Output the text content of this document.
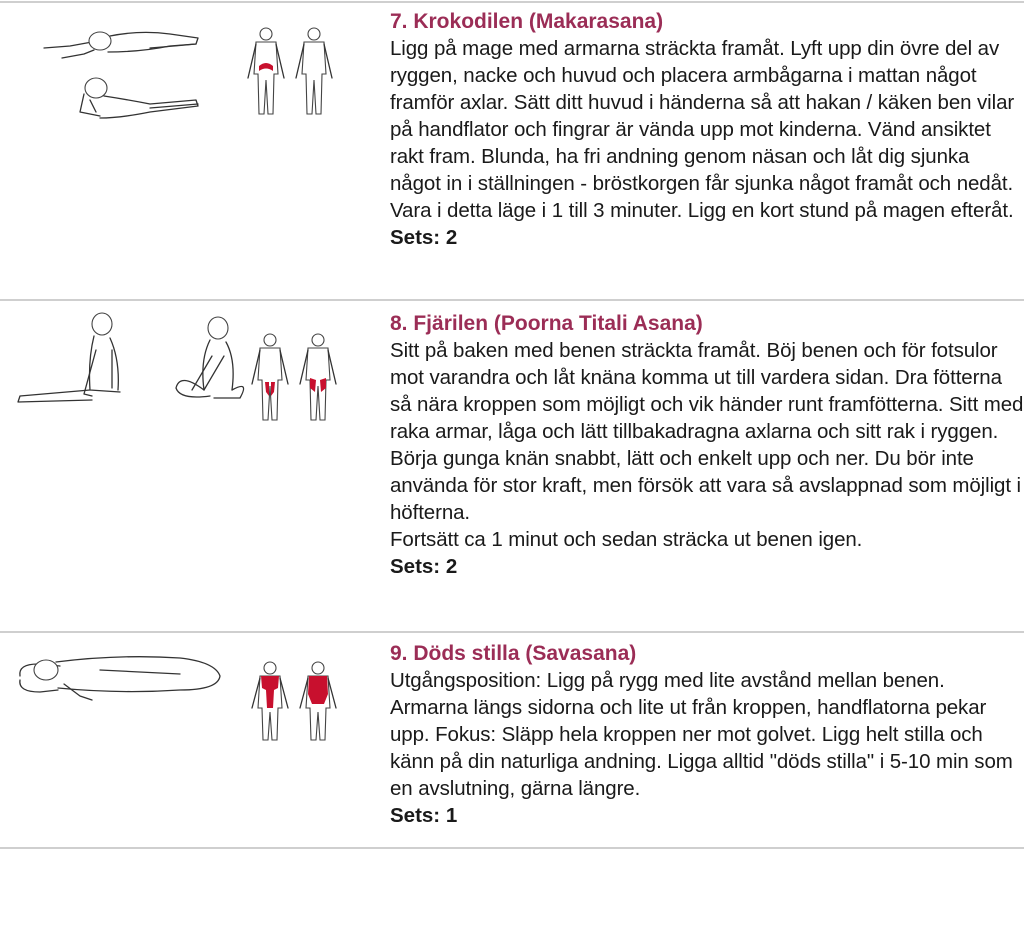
7. Krokodilen (Makarasana)

Ligg på mage med armarna sträckta framåt. Lyft upp din övre del av ryggen, nacke och huvud och placera armbågarna i mattan något framför axlar. Sätt ditt huvud i händerna så att hakan / käken ben vilar på handflator och fingrar är vända upp mot kinderna. Vänd ansiktet rakt fram. Blunda, ha fri andning genom näsan och låt dig sjunka något in i ställningen - bröstkorgen får sjunka något framåt och nedåt. Vara i detta läge i 1 till 3 minuter. Ligg en kort stund på magen efteråt.

Sets: 2

8. Fjärilen (Poorna Titali Asana)

Sitt på baken med benen sträckta framåt. Böj benen och för fotsulor mot varandra och låt knäna komma ut till vardera sidan. Dra fötterna så nära kroppen som möjligt och vik händer runt framfötterna. Sitt med raka armar, låga och lätt tillbakadragna axlarna och sitt rak i ryggen. Börja gunga knän snabbt, lätt och enkelt upp och ner. Du bör inte använda för stor kraft, men försök att vara så avslappnad som möjligt i höfterna.

Fortsätt ca 1 minut och sedan sträcka ut benen igen.

Sets: 2

9. Döds stilla (Savasana)

Utgångsposition: Ligg på rygg med lite avstånd mellan benen. Armarna längs sidorna och lite ut från kroppen, handflatorna pekar upp. Fokus: Släpp hela kroppen ner mot golvet. Ligg helt stilla och känn på din naturliga andning. Ligga alltid "döds stilla" i 5-10 min som en avslutning, gärna längre.

Sets: 1
